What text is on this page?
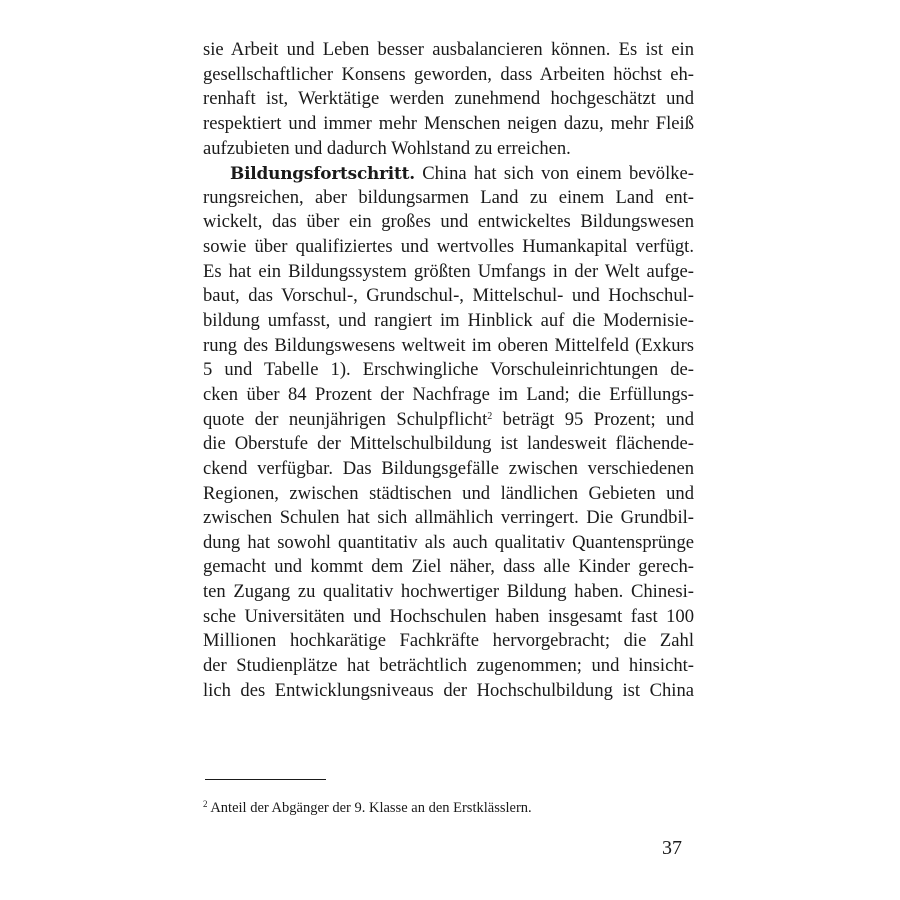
sie Arbeit und Leben besser ausbalancieren können. Es ist ein
gesellschaftlicher Konsens geworden, dass Arbeiten höchst eh-
renhaft ist, Werktätige werden zunehmend hochgeschätzt und
respektiert und immer mehr Menschen neigen dazu, mehr Fleiß
aufzubieten und dadurch Wohlstand zu erreichen.
Bildungsfortschritt. China hat sich von einem bevölke-
rungsreichen, aber bildungsarmen Land zu einem Land ent-
wickelt, das über ein großes und entwickeltes Bildungswesen
sowie über qualifiziertes und wertvolles Humankapital verfügt.
Es hat ein Bildungssystem größten Umfangs in der Welt aufge-
baut, das Vorschul-, Grundschul-, Mittelschul- und Hochschul-
bildung umfasst, und rangiert im Hinblick auf die Modernisie-
rung des Bildungswesens weltweit im oberen Mittelfeld (Exkurs
5 und Tabelle 1). Erschwingliche Vorschuleinrichtungen de-
cken über 84 Prozent der Nachfrage im Land; die Erfüllungs-
quote der neunjährigen Schulpflicht$^2$ beträgt 95 Prozent; und
die Oberstufe der Mittelschulbildung ist landesweit flächende-
ckend verfügbar. Das Bildungsgefälle zwischen verschiedenen
Regionen, zwischen städtischen und ländlichen Gebieten und
zwischen Schulen hat sich allmählich verringert. Die Grundbil-
dung hat sowohl quantitativ als auch qualitativ Quantensprünge
gemacht und kommt dem Ziel näher, dass alle Kinder gerech-
ten Zugang zu qualitativ hochwertiger Bildung haben. Chinesi-
sche Universitäten und Hochschulen haben insgesamt fast 100
Millionen hochkarätige Fachkräfte hervorgebracht; die Zahl
der Studienplätze hat beträchtlich zugenommen; und hinsicht-
lich des Entwicklungsniveaus der Hochschulbildung ist China
$^2$ Anteil der Abgänger der 9. Klasse an den Erstklässlern.
37
